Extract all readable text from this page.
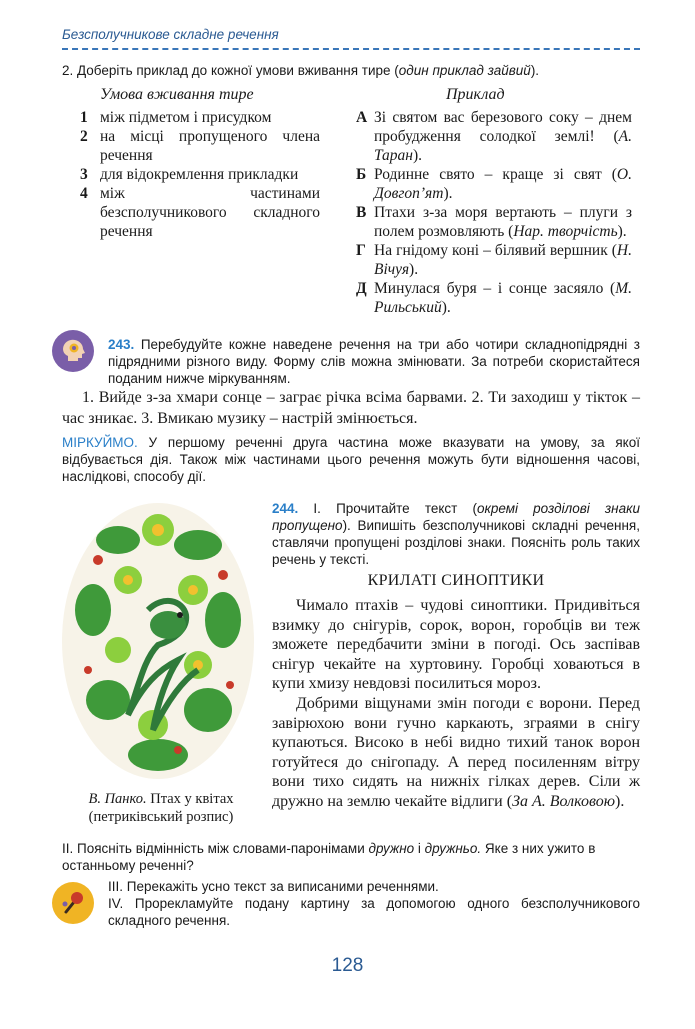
Безсполучникове складне речення
2. Доберіть приклад до кожної умови вживання тире (один приклад зайвий).
Умова вживання тире	Приклад
1 між підметом і присудком
2 на місці пропущеного члена речення
3 для відокремлення прикладки
4 між частинами безсполучникового складного речення
А Зі святом вас березового соку – днем пробудження солодкої землі! (А. Таран).
Б Родинне свято – краще зі свят (О. Довгоп’ят).
В Птахи з-за моря вертають – плуги з полем розмовляють (Нар. творчість).
Г На гнідому коні – білявий вершник (Н. Вічуя).
Д Минулася буря – і сонце засяяло (М. Рильський).
243. Перебудуйте кожне наведене речення на три або чотири складнопідрядні з підрядними різного виду. Форму слів можна змінювати. За потреби скористайтеся поданим нижче міркуванням.
1. Вийде з-за хмари сонце – заграє річка всіма барвами. 2. Ти заходиш у тікток – час зникає. 3. Вмикаю музику – настрій змінюється.
МІРКУЙМО. У першому реченні друга частина може вказувати на умову, за якої відбувається дія. Також між частинами цього речення можуть бути відношення часові, наслідкові, способу дії.
В. Панко. Птах у квітах
(петриківський розпис)
244. І. Прочитайте текст (окремі розділові знаки пропущено). Випишіть безсполучникові складні речення, ставлячи пропущені розділові знаки. Поясніть роль таких речень у тексті.
КРИЛАТІ СИНОПТИКИ

Чимало птахів – чудові синоптики. Придивіться взимку до снігурів, сорок, ворон, горобців ви теж зможете передбачити зміни в погоді. Ось заспівав снігур чекайте на хуртовину. Горобці ховаються в купи хмизу невдовзі посилиться мороз.

Добрими віщунами змін погоди є ворони. Перед завірюхою вони гучно каркають, зграями в снігу купаються. Високо в небі видно тихий танок ворон готуйтеся до снігопаду. А перед посиленням вітру вони тихо сидять на нижніх гілках дерев. Сіли ж дружно на землю чекайте відлиги (За А. Волковою).

ІІ. Поясніть відмінність між словами-паронімами дружно і дружньо. Яке з них ужито в останньому реченні?
ІІІ. Перекажіть усно текст за виписаними реченнями.
IV. Прорекламуйте подану картину за допомогою одного безсполучникового складного речення.
128
